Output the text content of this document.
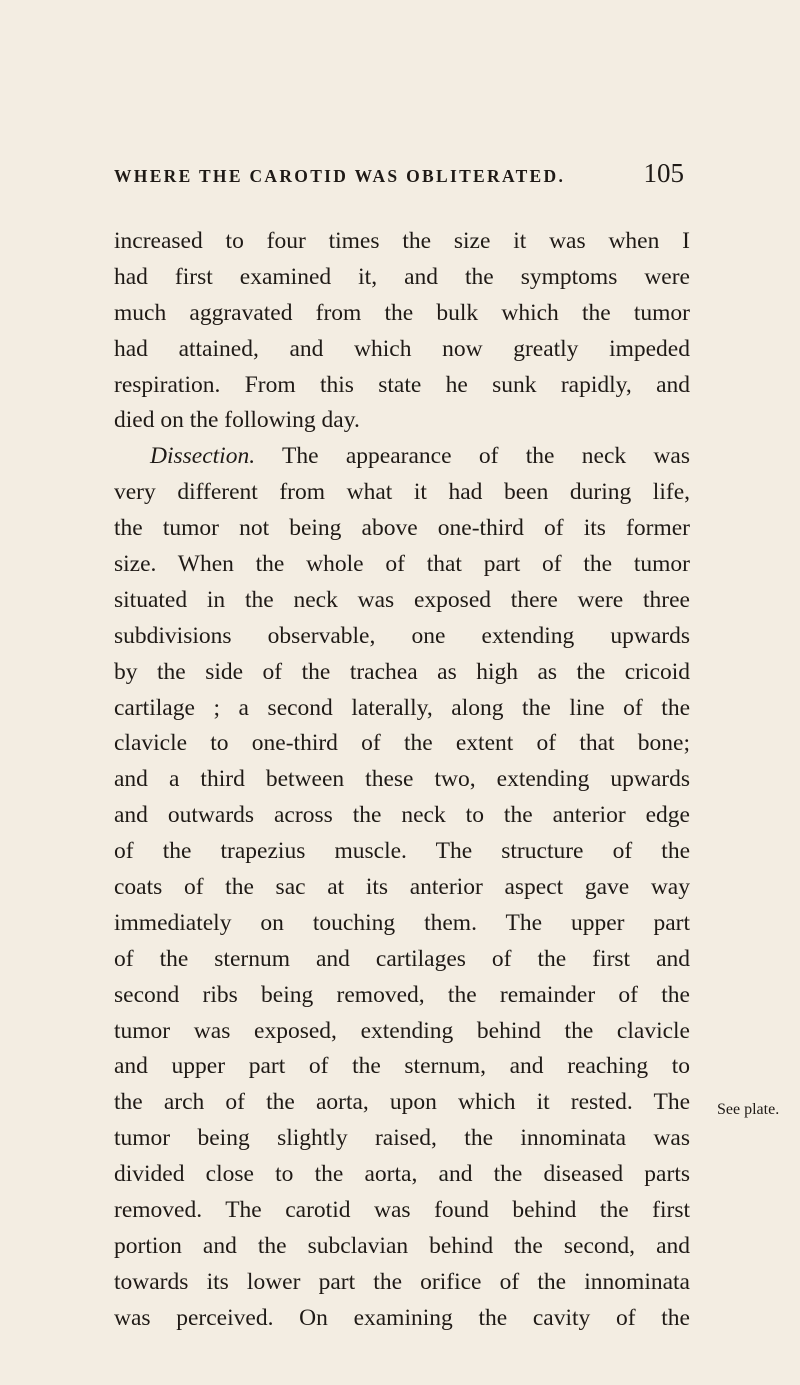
WHERE THE CAROTID WAS OBLITERATED.	105
increased to four times the size it was when I
had first examined it, and the symptoms were
much aggravated from the bulk which the tumor
had attained, and which now greatly impeded
respiration. From this state he sunk rapidly, and
died on the following day.
Dissection. The appearance of the neck was
very different from what it had been during life,
the tumor not being above one-third of its former
size. When the whole of that part of the tumor
situated in the neck was exposed there were three
subdivisions observable, one extending upwards
by the side of the trachea as high as the cricoid
cartilage ; a second laterally, along the line of the
clavicle to one-third of the extent of that bone;
and a third between these two, extending upwards
and outwards across the neck to the anterior edge
of the trapezius muscle. The structure of the
coats of the sac at its anterior aspect gave way
immediately on touching them. The upper part
of the sternum and cartilages of the first and
second ribs being removed, the remainder of the
tumor was exposed, extending behind the clavicle
and upper part of the sternum, and reaching to
the arch of the aorta, upon which it rested. The
tumor being slightly raised, the innominata was
divided close to the aorta, and the diseased parts
removed. The carotid was found behind the first
portion and the subclavian behind the second, and
towards its lower part the orifice of the innominata
was perceived. On examining the cavity of the
See plate.
